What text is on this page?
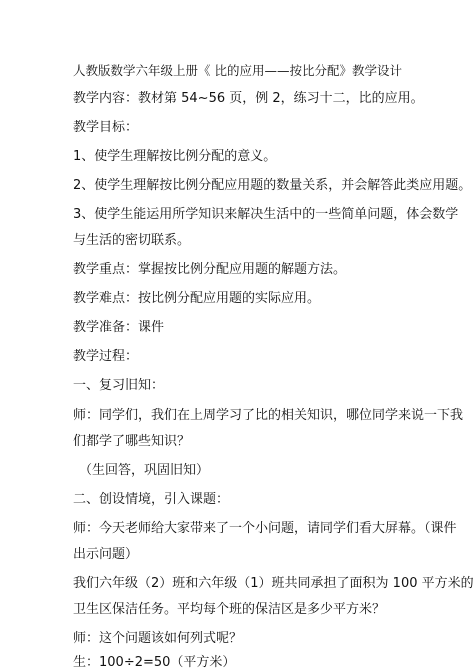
人教版数学六年级上册《 比的应用——按比分配》教学设计
教学内容：教材第 54~56 页，例 2，练习十二，比的应用。
教学目标：
1、使学生理解按比例分配的意义。
2、使学生理解按比例分配应用题的数量关系，并会解答此类应用题。
3、使学生能运用所学知识来解决生活中的一些简单问题，体会数学
与生活的密切联系。
教学重点：掌握按比例分配应用题的解题方法。
教学难点：按比例分配应用题的实际应用。
教学准备：课件
教学过程：
一、复习旧知：
师：同学们，我们在上周学习了比的相关知识，哪位同学来说一下我
们都学了哪些知识？
（生回答，巩固旧知）
二、创设情境，引入课题：
师：今天老师给大家带来了一个小问题，请同学们看大屏幕。（课件
出示问题）
我们六年级（2）班和六年级（1）班共同承担了面积为 100 平方米的
卫生区保洁任务。平均每个班的保洁区是多少平方米？
师：这个问题该如何列式呢？
生：100÷2=50（平方米）
